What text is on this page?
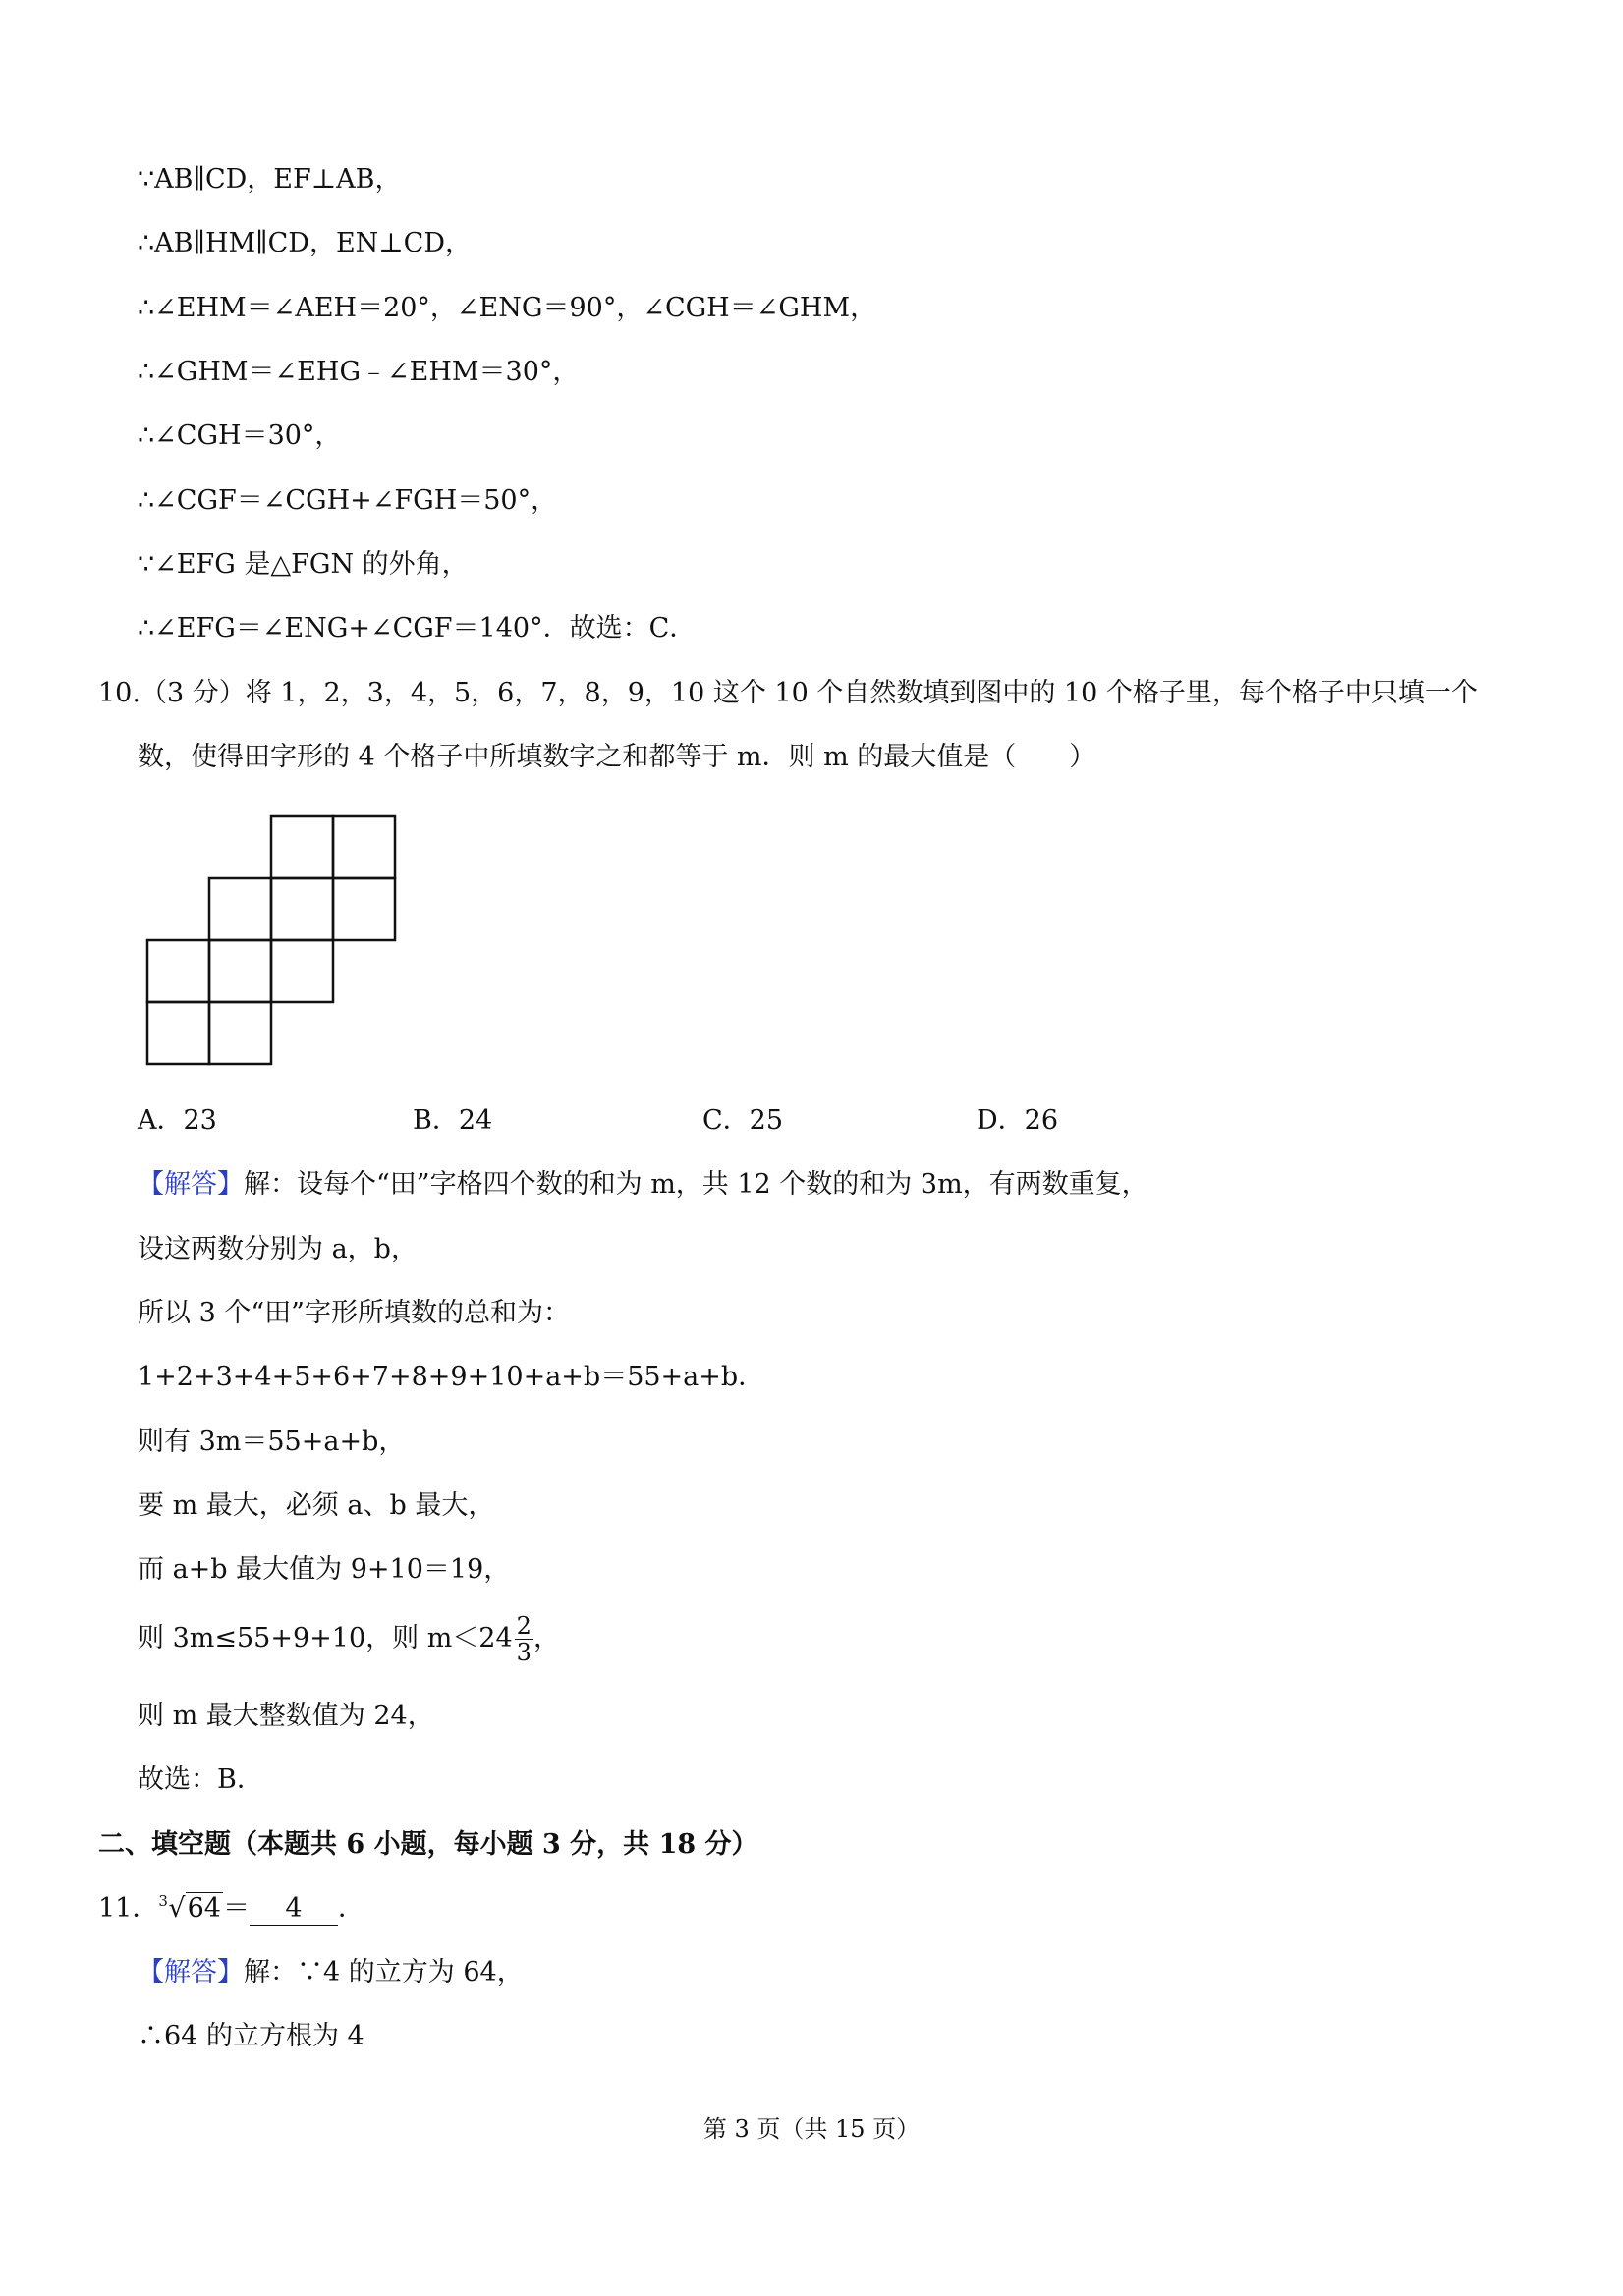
∵AB∥CD，EF⊥AB，
∴AB∥HM∥CD，EN⊥CD，
∴∠EHM＝∠AEH＝20°，∠ENG＝90°，∠CGH＝∠GHM，
∴∠GHM＝∠EHG﹣∠EHM＝30°，
∴∠CGH＝30°，
∴∠CGF＝∠CGH+∠FGH＝50°，
∵∠EFG 是△FGN 的外角，
∴∠EFG＝∠ENG+∠CGF＝140°．故选：C．
10.（3 分）将 1，2，3，4，5，6，7，8，9，10 这个 10 个自然数填到图中的 10 个格子里，每个格子中只填一个
数，使得田字形的 4 个格子中所填数字之和都等于 m．则 m 的最大值是（　　）
A．23	B．24	C．25	D．26
【解答】解：设每个“田”字格四个数的和为 m，共 12 个数的和为 3m，有两数重复，
设这两数分别为 a，b，
所以 3 个“田”字形所填数的总和为：
1+2+3+4+5+6+7+8+9+10+a+b＝55+a+b．
则有 3m＝55+a+b，
要 m 最大，必须 a、b 最大，
而 a+b 最大值为 9+10＝19，
则 3m≤55+9+10，则 $m<24 \frac{2}{3}$ ，
则 m 最大整数值为 24，
故选：B．
二、填空题（本题共 6 小题，每小题 3 分，共 18 分）
11． 3 √64＝ 4 ．
【解答】解：∵4 的立方为 64，
∴64 的立方根为 4
第 3 页（共 15 页）
